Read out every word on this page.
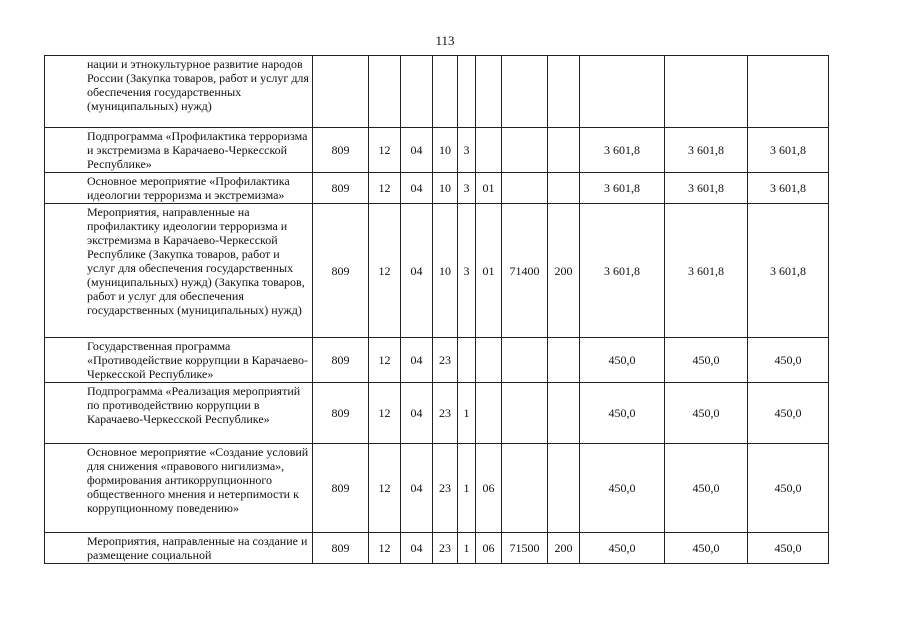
113
нации и этнокультурное развитие народов России (Закупка товаров, работ и услуг для обеспечения государственных (муниципальных) нужд)											
Подпрограмма «Профилактика терроризма и экстремизма в Карачаево-Черкесской Республике»	809	12	04	10	3				3 601,8	3 601,8	3 601,8
Основное мероприятие «Профилактика идеологии терроризма и экстремизма»	809	12	04	10	3	01			3 601,8	3 601,8	3 601,8
Мероприятия, направленные на профилактику идеологии терроризма и экстремизма в Карачаево-Черкесской Республике (Закупка товаров, работ и услуг для обеспечения государственных (муниципальных) нужд) (Закупка товаров, работ и услуг для обеспечения государственных (муниципальных) нужд)	809	12	04	10	3	01	71400	200	3 601,8	3 601,8	3 601,8
Государственная программа «Противодействие коррупции в Карачаево-Черкесской Республике»	809	12	04	23					450,0	450,0	450,0
Подпрограмма «Реализация мероприятий по противодействию коррупции в Карачаево-Черкесской Республике»	809	12	04	23	1				450,0	450,0	450,0
Основное мероприятие «Создание условий для снижения «правового нигилизма», формирования антикоррупционного общественного мнения и нетерпимости к коррупционному поведению»	809	12	04	23	1	06			450,0	450,0	450,0
Мероприятия, направленные на создание и размещение социальной	809	12	04	23	1	06	71500	200	450,0	450,0	450,0
